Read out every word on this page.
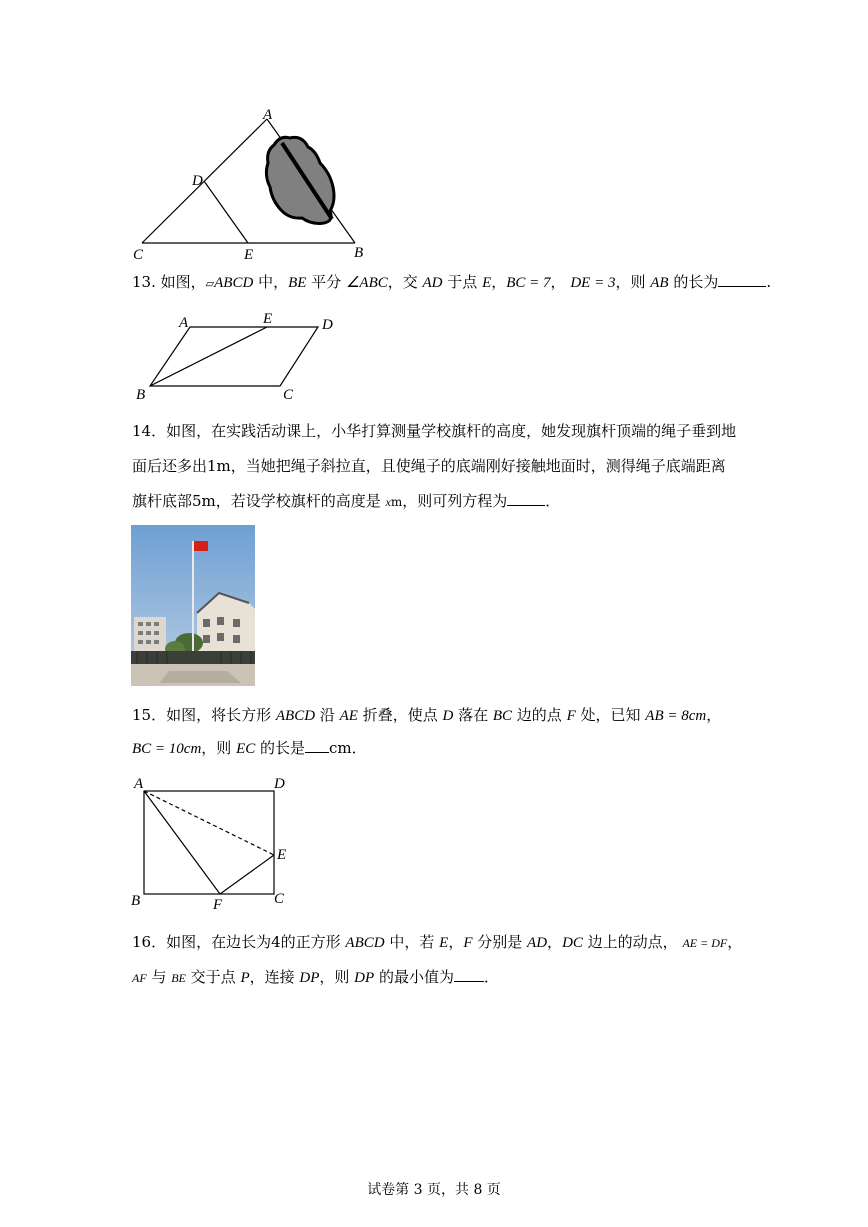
A
D
C	E	B
13. 如图，▱ABCD 中，BE 平分 ∠ABC，交 AD 于点 E，BC = 7， DE = 3，则 AB 的长为	.
A	E	D
B	C
14．如图，在实践活动课上，小华打算测量学校旗杆的高度，她发现旗杆顶端的绳子垂到地
面后还多出1m，当她把绳子斜拉直，且使绳子的底端刚好接触地面时，测得绳子底端距离
旗杆底部5m，若设学校旗杆的高度是 xm，则可列方程为	．
15．如图，将长方形 ABCD 沿 AE 折叠，使点 D 落在 BC 边的点 F 处，已知 AB = 8cm，
BC = 10cm，则 EC 的长是 cm．
A	D
E
B	F	C
16．如图，在边长为4的正方形 ABCD 中，若 E，F 分别是 AD，DC 边上的动点， AE = DF，
AF 与 BE 交于点 P，连接 DP，则 DP 的最小值为 ．
试卷第 3 页，共 8 页
